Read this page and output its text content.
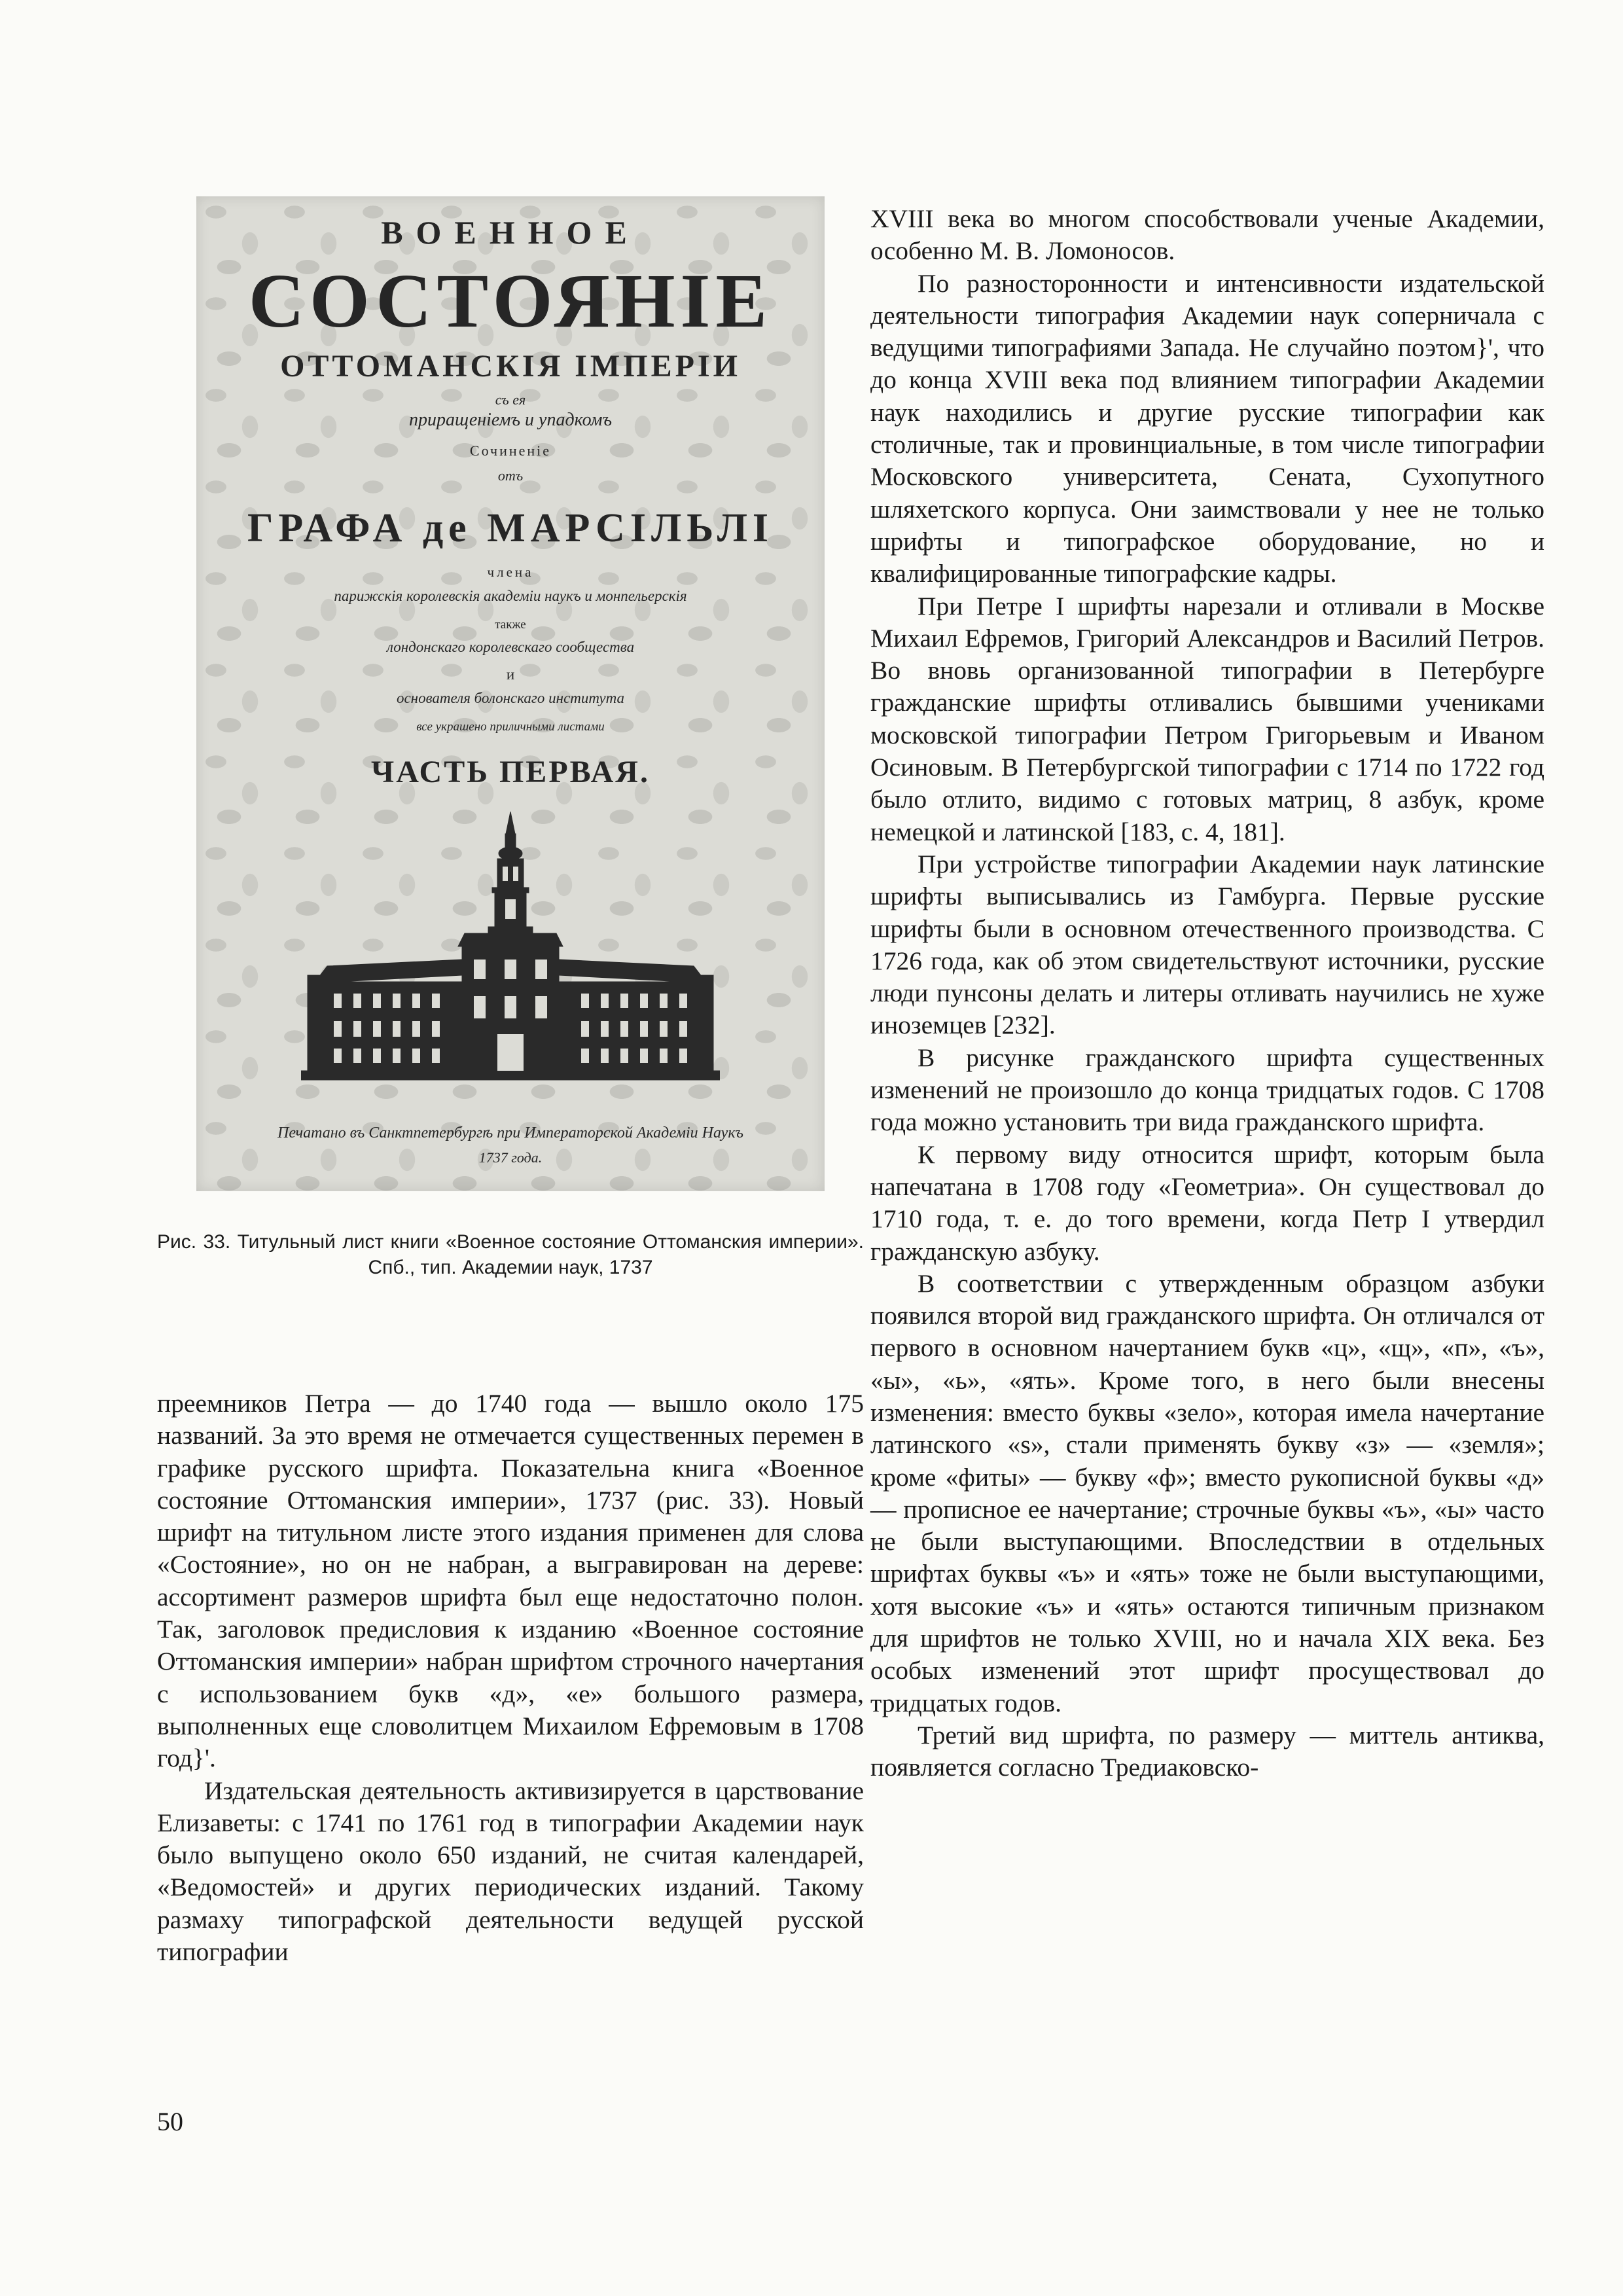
ВОЕННОЕ

СОСТОЯНIЕ

ОТТОМАНСКIЯ IМПЕРIИ

съ ея

приращенiемъ и упадкомъ

Сочиненiе

отъ

ГРАФА де МАРСIЛЬЛI

члена

парижскiя королевскiя академiи наукъ и монпельерскiя

также

лондонскаго королевскаго сообщества

и

основателя болонскаго института

все украшено приличными листами

ЧАСТЬ ПЕРВАЯ.

Печатано въ Санктпетербургѣ при Императорской Академiи Наукъ

1737 года.

Рис. 33. Титульный лист книги «Военное состояние Оттоманския империи». Спб., тип. Академии наук, 1737

преемников Петра — до 1740 года — вышло около 175 названий. За это время не отмечается существенных перемен в графике русского шрифта. Показательна книга «Военное состояние Оттоманския империи», 1737 (рис. 33). Новый шрифт на титульном листе этого издания применен для слова «Состояние», но он не набран, а выгравирован на дереве: ассортимент размеров шрифта был еще недостаточно полон. Так, заголовок предисловия к изданию «Военное состояние Оттоманския империи» набран шрифтом строчного начертания с использованием букв «д», «е» большого размера, выполненных еще словолитцем Михаилом Ефремовым в 1708 год}'.

Издательская деятельность активизируется в царствование Елизаветы: с 1741 по 1761 год в типографии Академии наук было выпущено около 650 изданий, не считая календарей, «Ведомостей» и других периодических изданий. Такому размаху типографской деятельности ведущей русской типографии

XVIII века во многом способствовали ученые Академии, особенно М. В. Ломоносов.

По разносторонности и интенсивности издательской деятельности типография Академии наук соперничала с ведущими типографиями Запада. Не случайно поэтом}', что до конца XVIII века под влиянием типографии Академии наук находились и другие русские типографии как столичные, так и провинциальные, в том числе типографии Московского университета, Сената, Сухопутного шляхетского корпуса. Они заимствовали у нее не только шрифты и типографское оборудование, но и квалифицированные типографские кадры.

При Петре I шрифты нарезали и отливали в Москве Михаил Ефремов, Григорий Александров и Василий Петров. Во вновь организованной типографии в Петербурге гражданские шрифты отливались бывшими учениками московской типографии Петром Григорьевым и Иваном Осиновым. В Петербургской типографии с 1714 по 1722 год было отлито, видимо с готовых матриц, 8 азбук, кроме немецкой и латинской [183, с. 4, 181].

При устройстве типографии Академии наук латинские шрифты выписывались из Гамбурга. Первые русские шрифты были в основном отечественного производства. С 1726 года, как об этом свидетельствуют источники, русские люди пунсоны делать и литеры отливать научились не хуже иноземцев [232].

В рисунке гражданского шрифта существенных изменений не произошло до конца тридцатых годов. С 1708 года можно установить три вида гражданского шрифта.

К первому виду относится шрифт, которым была напечатана в 1708 году «Геометриа». Он существовал до 1710 года, т. е. до того времени, когда Петр I утвердил гражданскую азбуку.

В соответствии с утвержденным образцом азбуки появился второй вид гражданского шрифта. Он отличался от первого в основном начертанием букв «ц», «щ», «п», «ъ», «ы», «ь», «ять». Кроме того, в него были внесены изменения: вместо буквы «зело», которая имела начертание латинского «s», стали применять букву «з» — «земля»; кроме «фиты» — букву «ф»; вместо рукописной буквы «д» — прописное ее начертание; строчные буквы «ъ», «ы» часто не были выступающими. Впоследствии в отдельных шрифтах буквы «ъ» и «ять» тоже не были выступающими, хотя высокие «ъ» и «ять» остаются типичным признаком для шрифтов не только XVIII, но и начала XIX века. Без особых изменений этот шрифт просуществовал до тридцатых годов.

Третий вид шрифта, по размеру — миттель антиква, появляется согласно Тредиаковско-

50
